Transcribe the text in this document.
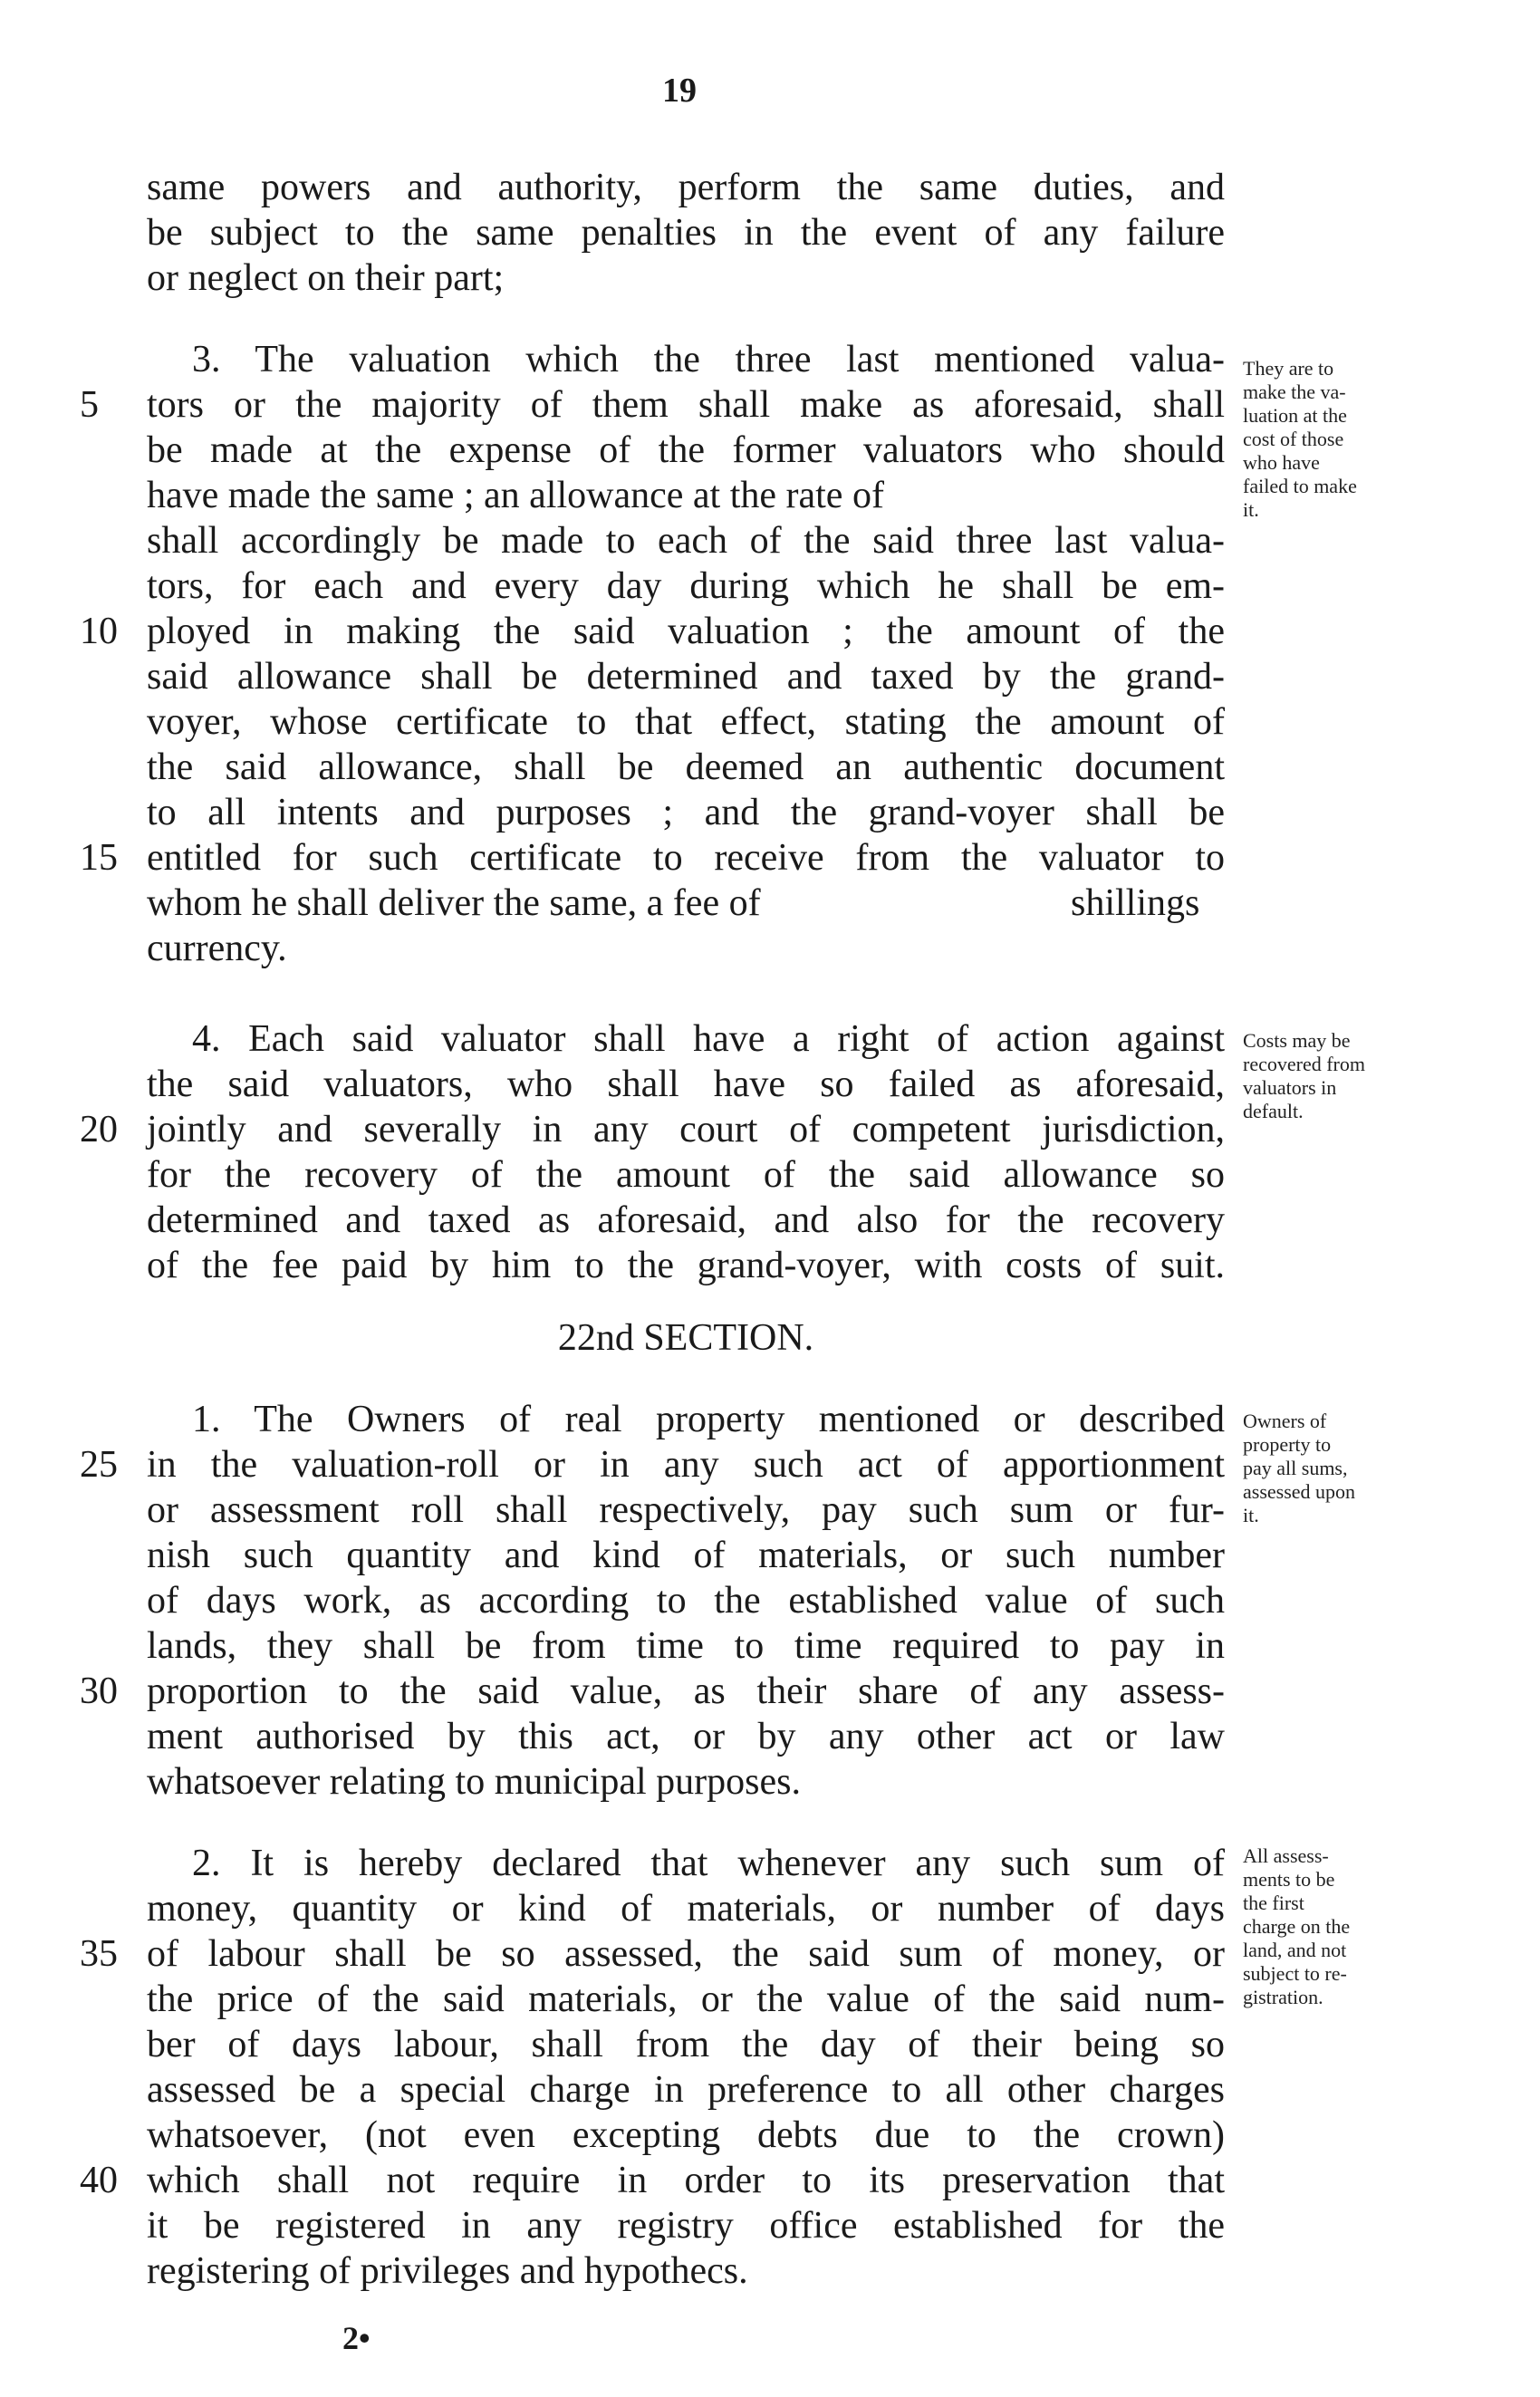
19
same powers and authority, perform the same duties, and
be subject to the same penalties in the event of any failure
or neglect on their part;
3. The valuation which the three last mentioned valua-
tors or the majority of them shall make as aforesaid, shall
be made at the expense of the former valuators who should
have made the same ; an allowance at the rate of
shall accordingly be made to each of the said three last valua-
tors, for each and every day during which he shall be em-
ployed in making the said valuation ; the amount of the
said allowance shall be determined and taxed by the grand-
voyer, whose certificate to that effect, stating the amount of
the said allowance, shall be deemed an authentic document
to all intents and purposes ; and the grand-voyer shall be
entitled for such certificate to receive from the valuator to
whom he shall deliver the same, a fee of	shillings
currency.
4. Each said valuator shall have a right of action against
the said valuators, who shall have so failed as aforesaid,
jointly and severally in any court of competent jurisdiction,
for the recovery of the amount of the said allowance so
determined and taxed as aforesaid, and also for the recovery
of the fee paid by him to the grand-voyer, with costs of suit.
22nd SECTION.
1. The Owners of real property mentioned or described
in the valuation-roll or in any such act of apportionment
or assessment roll shall respectively, pay such sum or fur-
nish such quantity and kind of materials, or such number
of days work, as according to the established value of such
lands, they shall be from time to time required to pay in
proportion to the said value, as their share of any assess-
ment authorised by this act, or by any other act or law
whatsoever relating to municipal purposes.
2. It is hereby declared that whenever any such sum of
money, quantity or kind of materials, or number of days
of labour shall be so assessed, the said sum of money, or
the price of the said materials, or the value of the said num-
ber of days labour, shall from the day of their being so
assessed be a special charge in preference to all other charges
whatsoever, (not even excepting debts due to the crown)
which shall not require in order to its preservation that
it be registered in any registry office established for the
registering of privileges and hypothecs.
5
10
15
20
25
30
35
40
They are to
make the va-
luation at the
cost of those
who have
failed to make
it.
Costs may be
recovered from
valuators in
default.
Owners of
property to
pay all sums,
assessed upon
it.
All assess-
ments to be
the first
charge on the
land, and not
subject to re-
gistration.
2•
